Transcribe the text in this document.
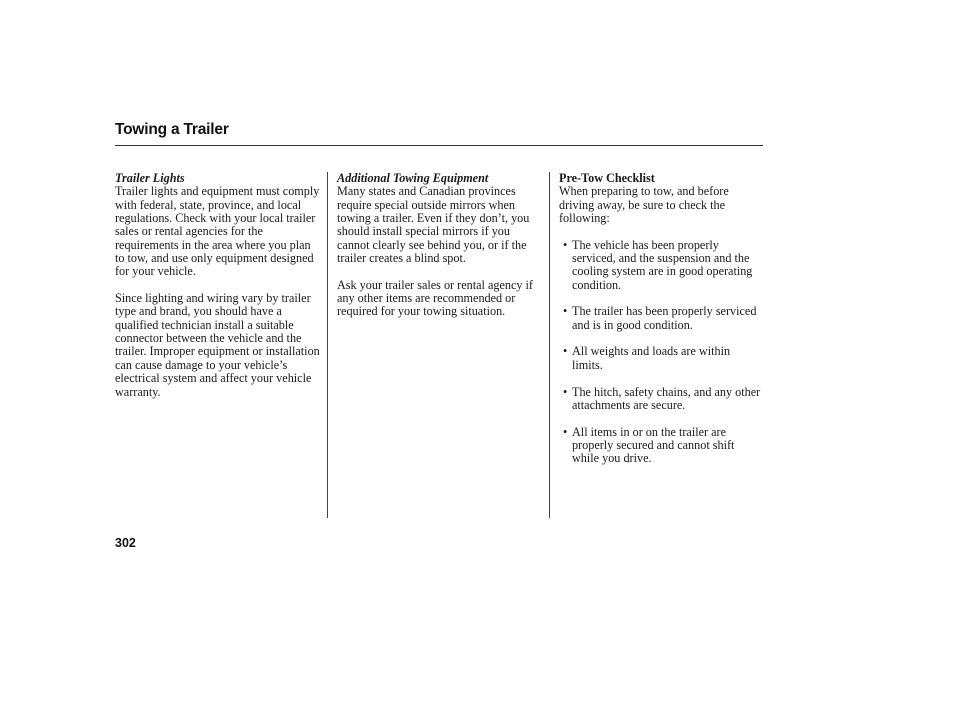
Towing a Trailer
Trailer Lights

Trailer lights and equipment must comply with federal, state, province, and local regulations. Check with your local trailer sales or rental agencies for the requirements in the area where you plan to tow, and use only equipment designed for your vehicle.

Since lighting and wiring vary by trailer type and brand, you should have a qualified technician install a suitable connector between the vehicle and the trailer. Improper equipment or installation can cause damage to your vehicle’s electrical system and affect your vehicle warranty.

Additional Towing Equipment

Many states and Canadian provinces require special outside mirrors when towing a trailer. Even if they don’t, you should install special mirrors if you cannot clearly see behind you, or if the trailer creates a blind spot.

Ask your trailer sales or rental agency if any other items are recommended or required for your towing situation.

Pre-Tow Checklist

When preparing to tow, and before driving away, be sure to check the following:

• The vehicle has been properly serviced, and the suspension and the cooling system are in good operating condition.
• The trailer has been properly serviced and is in good condition.
• All weights and loads are within limits.
• The hitch, safety chains, and any other attachments are secure.
• All items in or on the trailer are properly secured and cannot shift while you drive.
302
